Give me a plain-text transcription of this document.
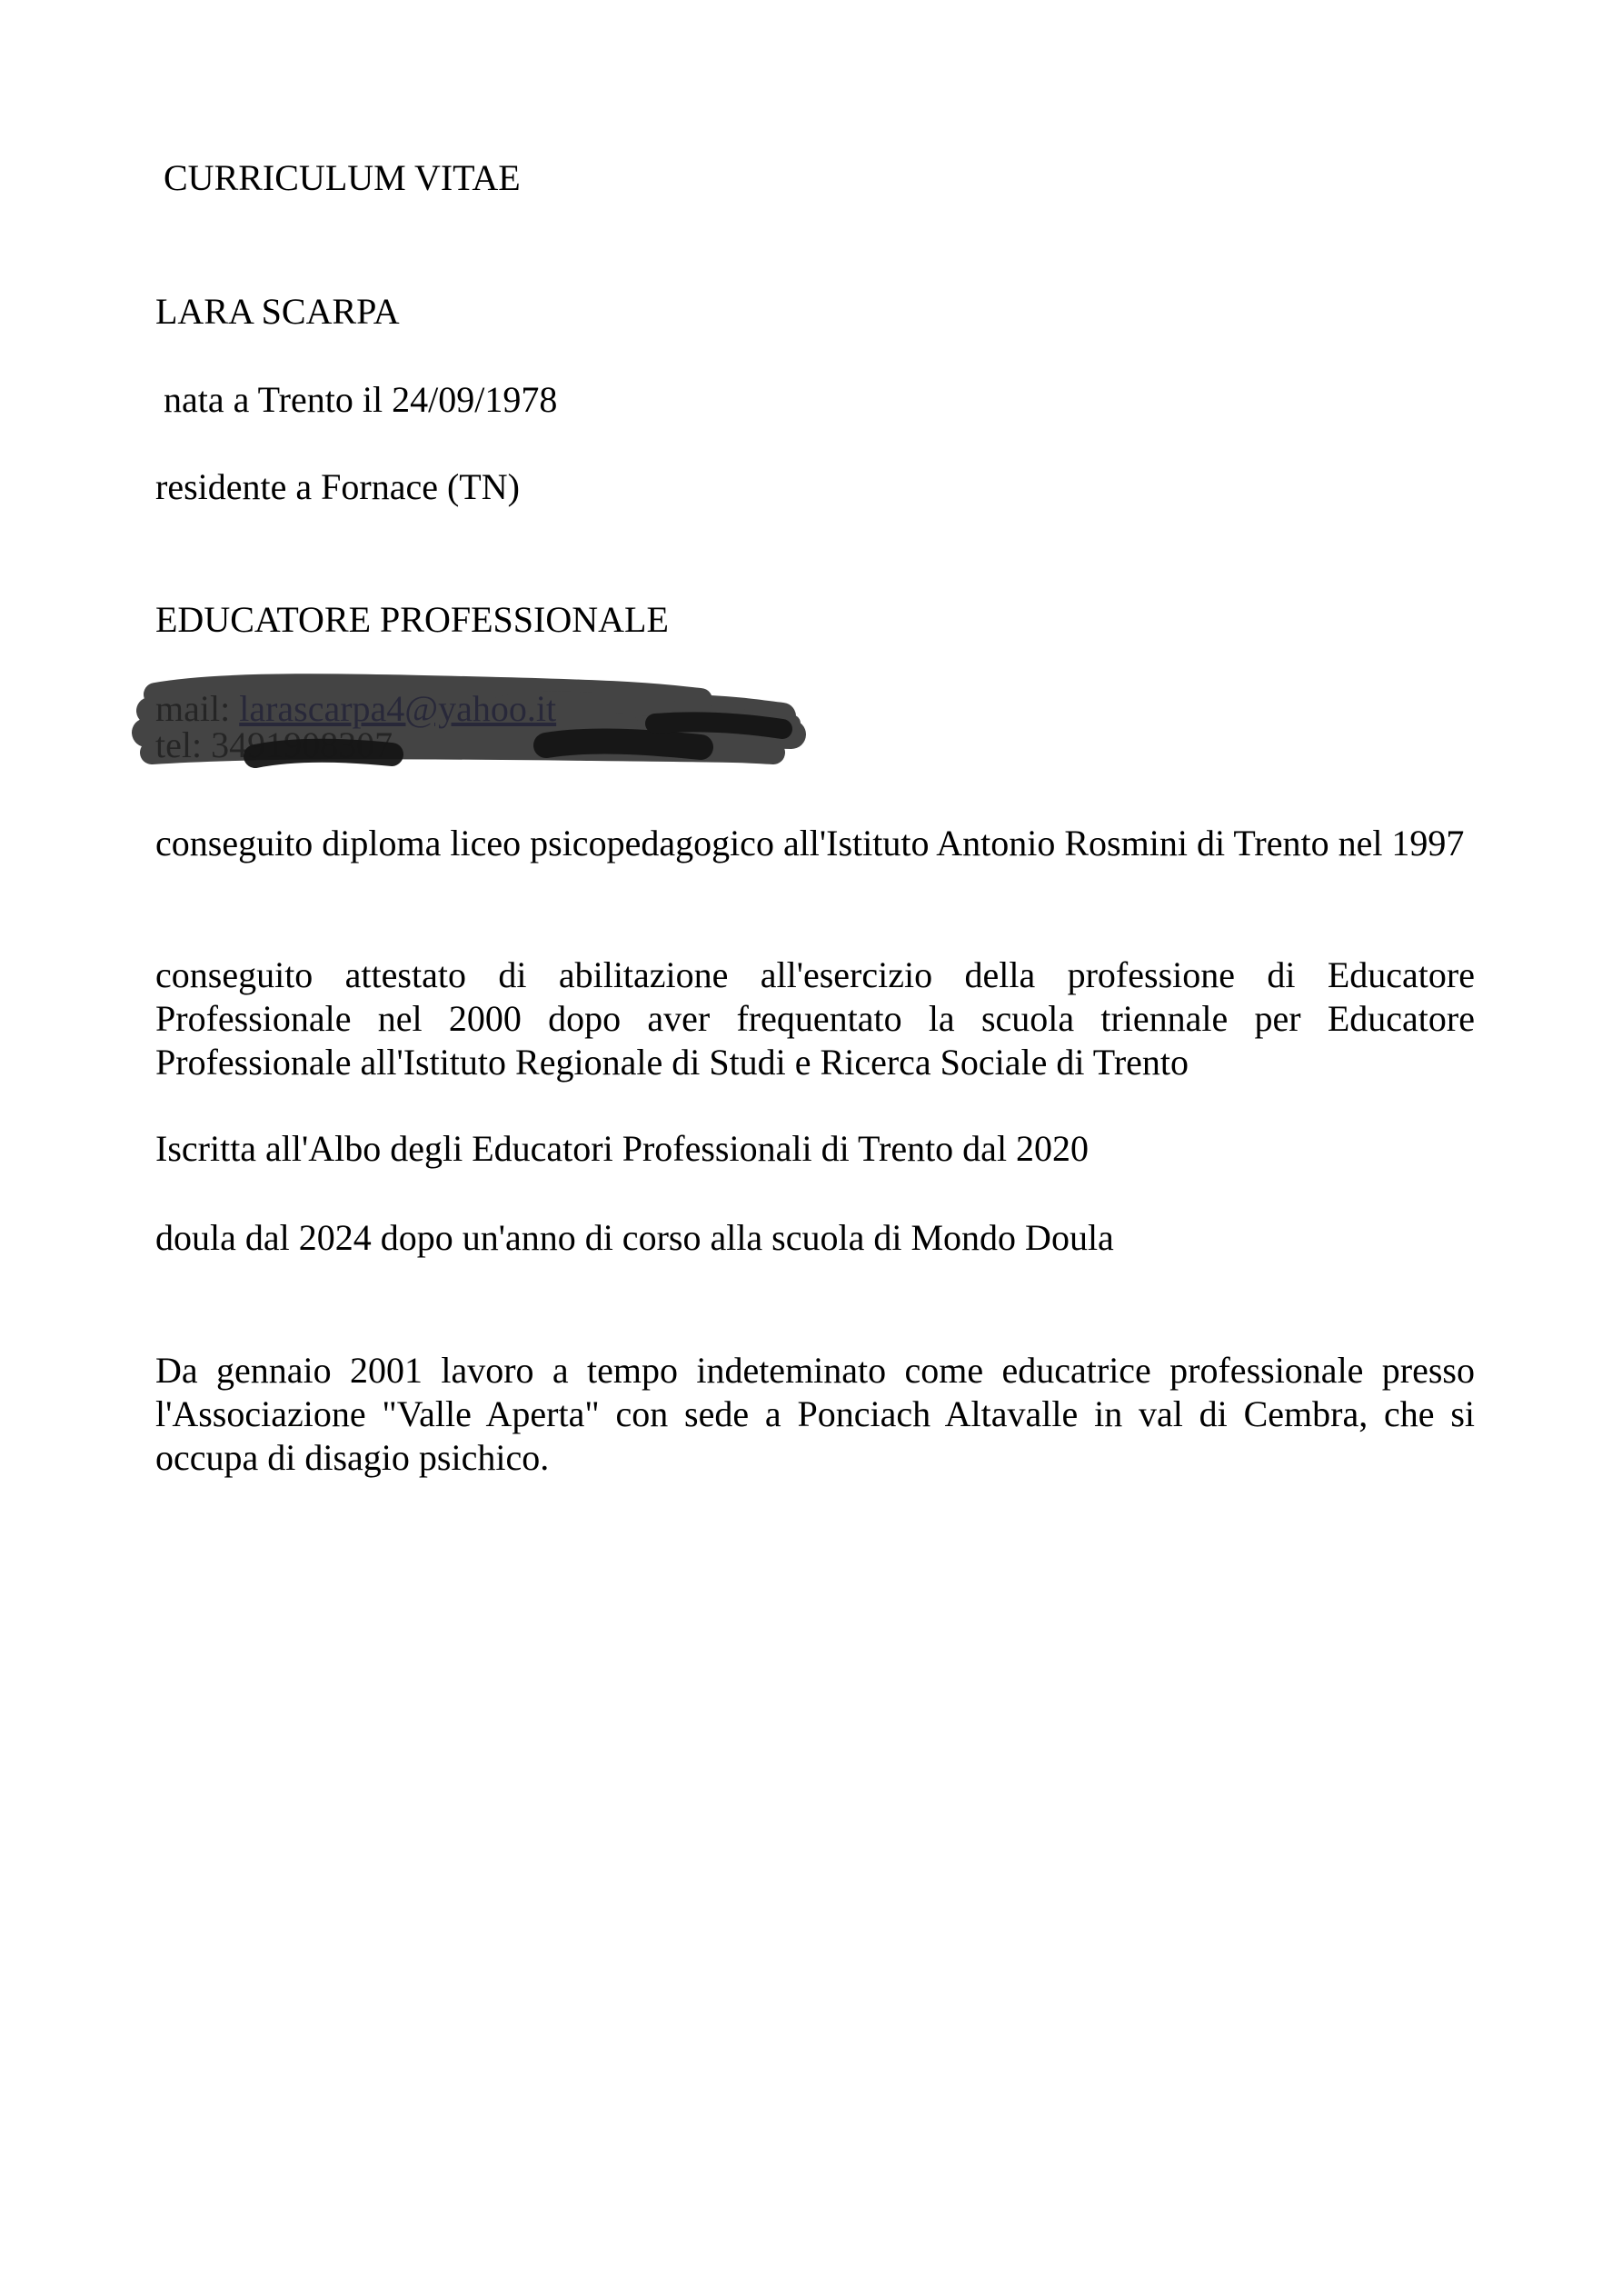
CURRICULUM VITAE

LARA SCARPA

nata a Trento il 24/09/1978

residente a Fornace (TN)

EDUCATORE PROFESSIONALE

mail: larascarpa4@yahoo.it
tel: 3491908307

conseguito diploma liceo psicopedagogico all'Istituto Antonio Rosmini di Trento nel 1997

conseguito attestato di abilitazione all'esercizio della professione di Educatore Professionale nel 2000 dopo aver frequentato la scuola triennale per Educatore Professionale all'Istituto Regionale di Studi e Ricerca Sociale di Trento

Iscritta all'Albo degli Educatori Professionali di Trento dal 2020

doula dal 2024 dopo un'anno di corso alla scuola di Mondo Doula

Da gennaio 2001 lavoro a tempo indeteminato come educatrice professionale presso l'Associazione "Valle Aperta" con sede a Ponciach Altavalle in val di Cembra, che si occupa di disagio psichico.
